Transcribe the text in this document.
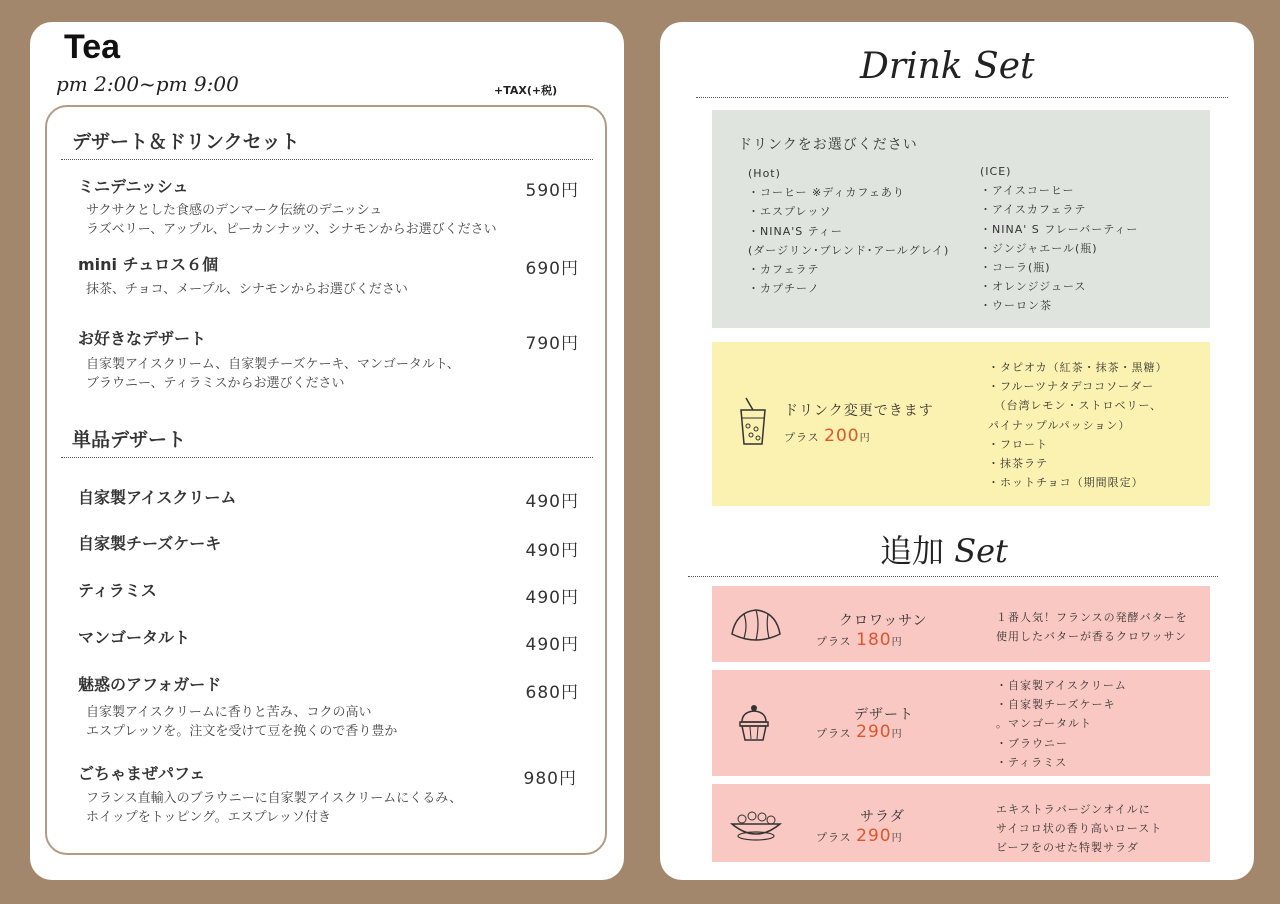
Tea
pm 2:00~pm 9:00	+TAX(+税)
デザート＆ドリンクセット
ミニデニッシュ	590円
サクサクとした食感のデンマーク伝統のデニッシュ
ラズベリー、アップル、ピーカンナッツ、シナモンからお選びください
mini チュロス６個	690円
抹茶、チョコ、メープル、シナモンからお選びください
お好きなデザート	790円
自家製アイスクリーム、自家製チーズケーキ、マンゴータルト、
ブラウニー、ティラミスからお選びください
単品デザート
自家製アイスクリーム	490円
自家製チーズケーキ	490円
ティラミス	490円
マンゴータルト	490円
魅惑のアフォガード	680円
自家製アイスクリームに香りと苦み、コクの高い
エスプレッソを。注文を受けて豆を挽くので香り豊か
ごちゃまぜパフェ	980円
フランス直輸入のブラウニーに自家製アイスクリームにくるみ、
ホイップをトッピング。エスプレッソ付き
Drink Set
ドリンクをお選びください
(Hot)
・コーヒー ※ディカフェあり
・エスプレッソ
・NINA'S ティー
(ダージリン･ブレンド･アールグレイ)
・カフェラテ
・カプチーノ
(ICE)
・アイスコーヒー
・アイスカフェラテ
・NINA' S フレーバーティー
・ジンジャエール(瓶)
・コーラ(瓶)
・オレンジジュース
・ウーロン茶
ドリンク変更できます
プラス 200円
・タピオカ（紅茶・抹茶・黒糖）
・フルーツナタデココソーダー
　（台湾レモン・ストロベリー、
パイナップルパッション）
・フロート
・抹茶ラテ
・ホットチョコ（期間限定）
追加 Set
クロワッサン
プラス 180円
１番人気！フランスの発酵バターを
使用したバターが香るクロワッサン
デザート
プラス 290円
・自家製アイスクリーム
・自家製チーズケーキ
。マンゴータルト
・ブラウニー
・ティラミス
サラダ
プラス 290円
エキストラバージンオイルに
サイコロ状の香り高いロースト
ビーフをのせた特製サラダ
